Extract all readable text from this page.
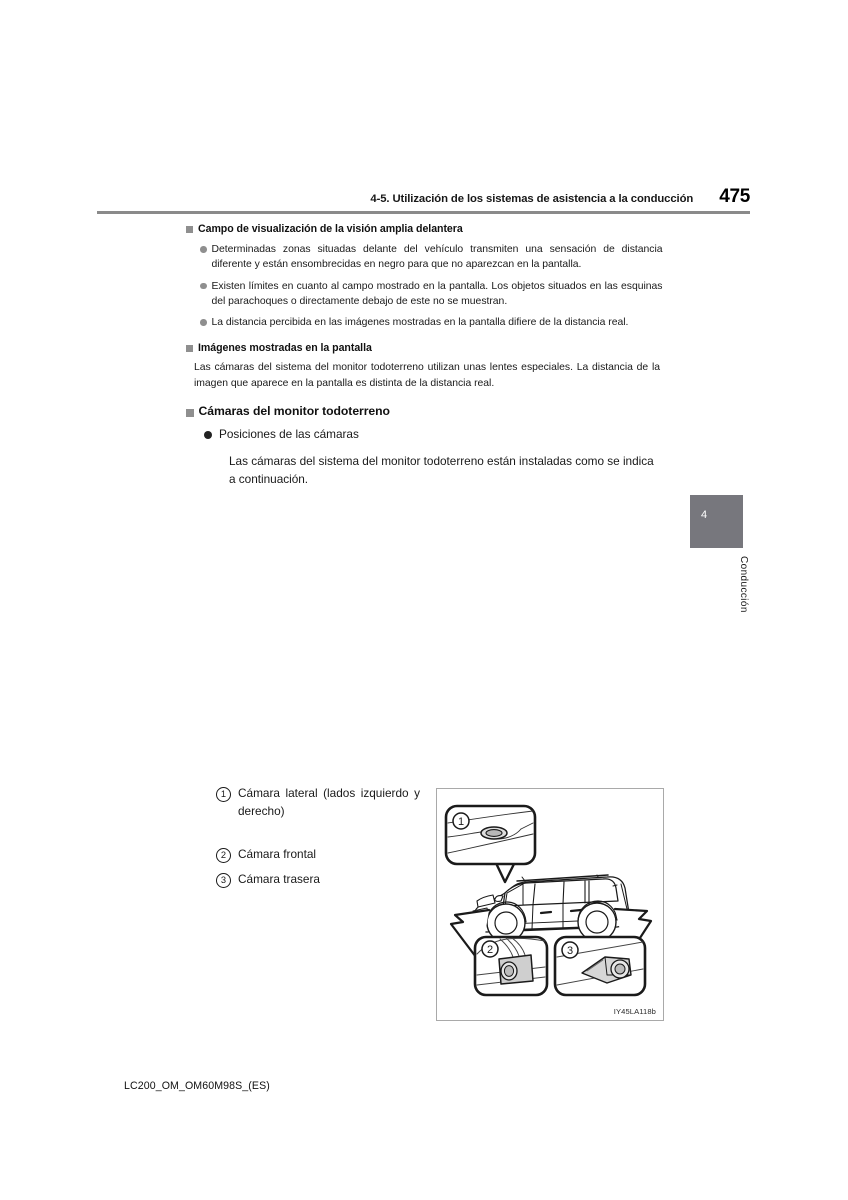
4-5. Utilización de los sistemas de asistencia a la conducción 475
Campo de visualización de la visión amplia delantera
Determinadas zonas situadas delante del vehículo transmiten una sensación de distancia diferente y están ensombrecidas en negro para que no aparezcan en la pantalla.
Existen límites en cuanto al campo mostrado en la pantalla. Los objetos situados en las esquinas del parachoques o directamente debajo de este no se muestran.
La distancia percibida en las imágenes mostradas en la pantalla difiere de la distancia real.
Imágenes mostradas en la pantalla
Las cámaras del sistema del monitor todoterreno utilizan unas lentes especiales. La distancia de la imagen que aparece en la pantalla es distinta de la distancia real.
Cámaras del monitor todoterreno
Posiciones de las cámaras
Las cámaras del sistema del monitor todoterreno están instaladas como se indica a continuación.
1	Cámara lateral (lados izquierdo y derecho)
2	Cámara frontal
3	Cámara trasera
1
2	3
IY45LA118b
4
Conducción
LC200_OM_OM60M98S_(ES)
